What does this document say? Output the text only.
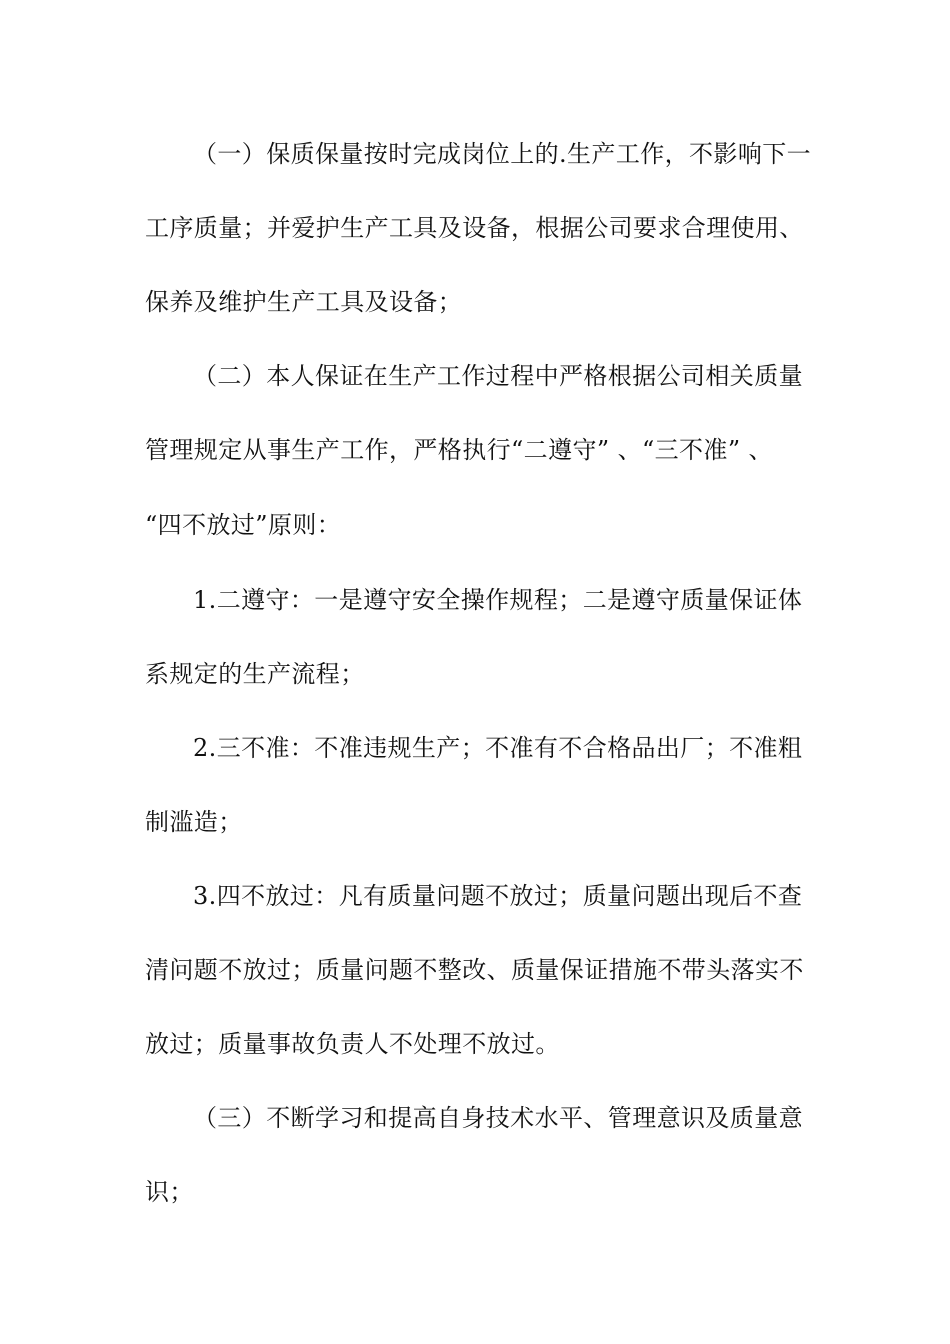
（一）保质保量按时完成岗位上的.生产工作，不影响下一
工序质量；并爱护生产工具及设备，根据公司要求合理使用、
保养及维护生产工具及设备；
（二）本人保证在生产工作过程中严格根据公司相关质量
管理规定从事生产工作，严格执行“二遵守” 、“三不准” 、
“四不放过”原则：
1.二遵守：一是遵守安全操作规程；二是遵守质量保证体
系规定的生产流程；
2.三不准：不准违规生产；不准有不合格品出厂；不准粗
制滥造；
3.四不放过：凡有质量问题不放过；质量问题出现后不查
清问题不放过；质量问题不整改、质量保证措施不带头落实不
放过；质量事故负责人不处理不放过。
（三）不断学习和提高自身技术水平、管理意识及质量意
识；
